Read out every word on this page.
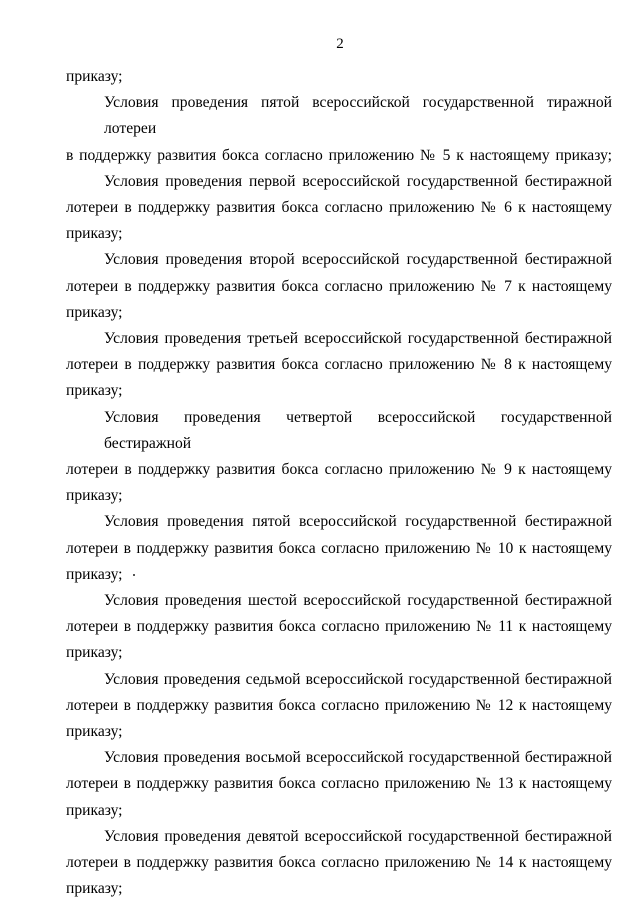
2
приказу;
Условия проведения пятой всероссийской государственной тиражной лотереи
в поддержку развития бокса согласно приложению № 5 к настоящему приказу;
Условия проведения первой всероссийской государственной бестиражной
лотереи в поддержку развития бокса согласно приложению № 6 к настоящему
приказу;
Условия проведения второй всероссийской государственной бестиражной
лотереи в поддержку развития бокса согласно приложению № 7 к настоящему
приказу;
Условия проведения третьей всероссийской государственной бестиражной
лотереи в поддержку развития бокса согласно приложению № 8 к настоящему
приказу;
Условия проведения четвертой всероссийской государственной бестиражной
лотереи в поддержку развития бокса согласно приложению № 9 к настоящему
приказу;
Условия проведения пятой всероссийской государственной бестиражной
лотереи в поддержку развития бокса согласно приложению № 10 к настоящему
приказу;
Условия проведения шестой всероссийской государственной бестиражной
лотереи в поддержку развития бокса согласно приложению № 11 к настоящему
приказу;
Условия проведения седьмой всероссийской государственной бестиражной
лотереи в поддержку развития бокса согласно приложению № 12 к настоящему
приказу;
Условия проведения восьмой всероссийской государственной бестиражной
лотереи в поддержку развития бокса согласно приложению № 13 к настоящему
приказу;
Условия проведения девятой всероссийской государственной бестиражной
лотереи в поддержку развития бокса согласно приложению № 14 к настоящему
приказу;
